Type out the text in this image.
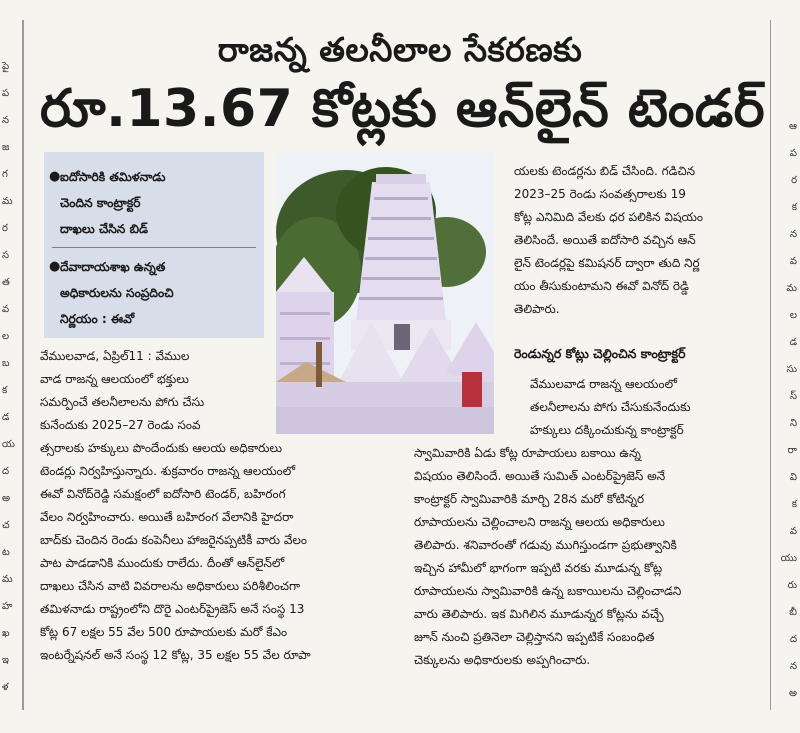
పై
ప
న
జ
గ
మ
ర
స
త
వ
ల
బ
క
డ
య
ద
అ
చ
ట
మ
హ
ఖ
ఇ
ళ
ఆ
ప
ర
క
న
వ
మ
ల
డ
సు
స్
ని
రా
వి
క
వ
యు
రు
బీ
ద
న
అ
రాజన్న తలనీలాల సేకరణకు
రూ.13.67 కోట్లకు ఆన్‌లైన్ టెండర్
● ఐదోసారికి తమిళనాడు
చెందిన కాంట్రాక్టర్
దాఖలు చేసిన బిడ్
● దేవాదాయశాఖ ఉన్నత
అధికారులను సంప్రదించి
నిర్ణయం : ఈవో
వేములవాడ, ఏప్రిల్11 : వేముల
వాడ రాజన్న ఆలయంలో భక్తులు
సమర్పించే తలనీలాలను పోగు చేసు
కునేందుకు 2025–27 రెండు సంవ
త్సరాలకు హక్కులు పొందేందుకు ఆలయ అధికారులు
టెండర్లు నిర్వహిస్తున్నారు. శుక్రవారం రాజన్న ఆలయంలో
ఈవో వినోద్‌రెడ్డి సమక్షంలో ఐదోసారి టెండర్, బహిరంగ
వేలం నిర్వహించారు. అయితే బహిరంగ వేలానికి హైదరా
బాద్‌కు చెందిన రెండు కంపెనీలు హాజరైనప్పటికీ వారు వేలం
పాట పాడడానికి ముందుకు రాలేదు. దీంతో ఆన్‌లైన్‌లో
దాఖలు చేసిన వాటి వివరాలను అధికారులు పరిశీలించగా
తమిళనాడు రాష్ట్రంలోని దొరై ఎంటర్‌ప్రైజెస్ అనే సంస్థ 13
కోట్ల 67 లక్షల 55 వేల 500 రూపాయలకు మరో కేఎం
ఇంటర్నేషనల్ అనే సంస్థ 12 కోట్ల, 35 లక్షల 55 వేల రూపా
యలకు టెండర్లను బిడ్ చేసింది. గడిచిన
2023–25 రెండు సంవత్సరాలకు 19
కోట్ల ఎనిమిది వేలకు ధర పలికిన విషయం
తెలిసిందే. అయితే ఐదోసారి వచ్చిన ఆన్
లైన్ టెండర్లపై కమిషనర్ ద్వారా తుది నిర్ణ
యం తీసుకుంటామని ఈవో వినోద్ రెడ్డి
తెలిపారు.
రెండున్నర కోట్లు చెల్లించిన కాంట్రాక్టర్
వేములవాడ రాజన్న ఆలయంలో
తలనీలాలను పోగు చేసుకునేందుకు
హక్కులు దక్కించుకున్న కాంట్రాక్టర్
స్వామివారికి ఏడు కోట్ల రూపాయలు బకాయి ఉన్న
విషయం తెలిసిందే. అయితే సుమిత్ ఎంటర్‌ప్రైజెస్ అనే
కాంట్రాక్టర్ స్వామివారికి మార్చి 28న మరో కోటిన్నర
రూపాయలను చెల్లించాలని రాజన్న ఆలయ అధికారులు
తెలిపారు. శనివారంతో గడువు ముగిస్తుండగా ప్రభుత్వానికి
ఇచ్చిన హామీలో భాగంగా ఇప్పటి వరకు మూడున్న కోట్ల
రూపాయలను స్వామివారికి ఉన్న బకాయిలను చెల్లించాడని
వారు తెలిపారు. ఇక మిగిలిన మూడున్నర కోట్లను వచ్చే
జూన్ నుంచి ప్రతినెలా చెల్లిస్తానని ఇప్పటికే సంబంధిత
చెక్కులను అధికారులకు అప్పగించారు.
